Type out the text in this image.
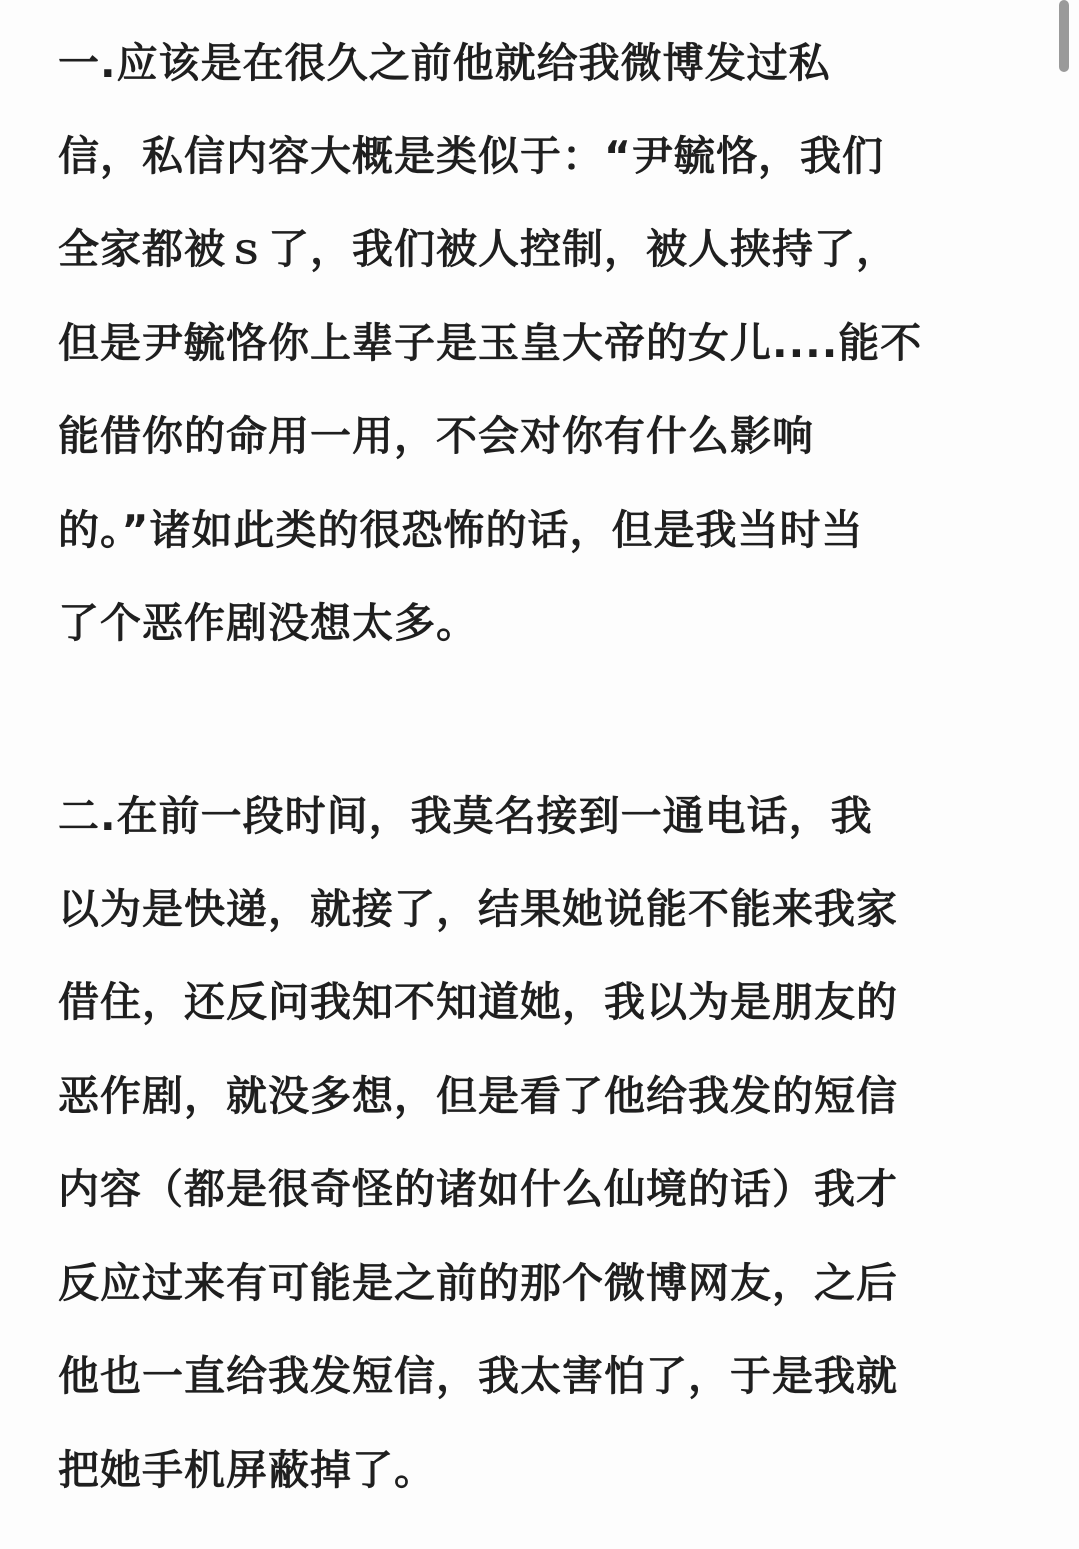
一.应该是在很久之前他就给我微博发过私
信，私信内容大概是类似于：“尹毓恪，我们
全家都被ｓ了，我们被人控制，被人挟持了，
但是尹毓恪你上辈子是玉皇大帝的女儿....能不
能借你的命用一用，不会对你有什么影响
的。”诸如此类的很恐怖的话，但是我当时当
了个恶作剧没想太多。
二.在前一段时间，我莫名接到一通电话，我
以为是快递，就接了，结果她说能不能来我家
借住，还反问我知不知道她，我以为是朋友的
恶作剧，就没多想，但是看了他给我发的短信
内容（都是很奇怪的诸如什么仙境的话）我才
反应过来有可能是之前的那个微博网友，之后
他也一直给我发短信，我太害怕了，于是我就
把她手机屏蔽掉了。
